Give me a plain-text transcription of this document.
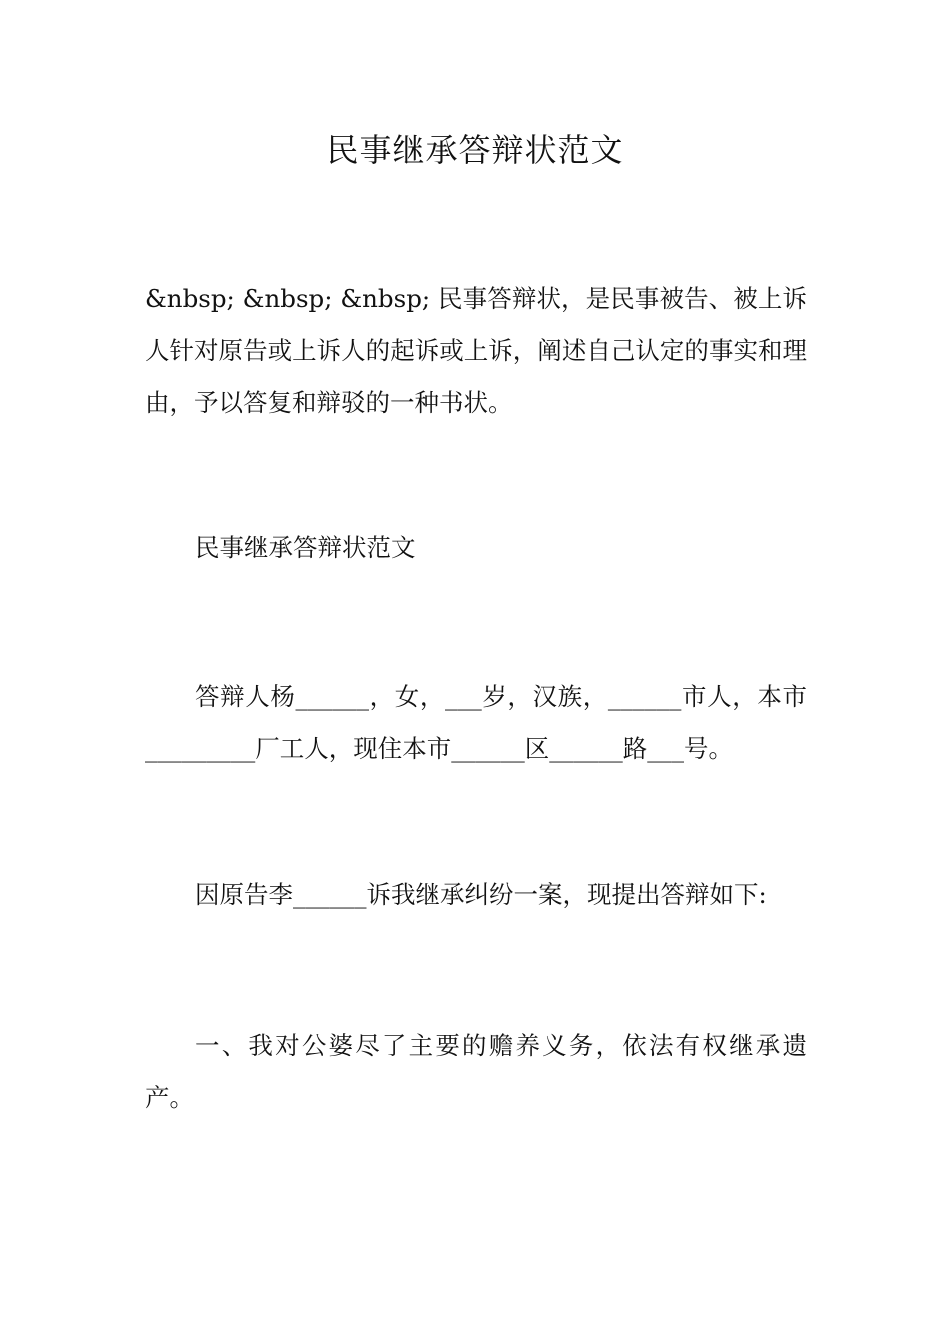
民事继承答辩状范文

&nbsp; &nbsp; &nbsp; 民事答辩状，是民事被告、被上诉人针对原告或上诉人的起诉或上诉，阐述自己认定的事实和理由，予以答复和辩驳的一种书状。

民事继承答辩状范文

答辩人杨______，女，___岁，汉族，______市人，本市_________厂工人，现住本市______区______路___号。

因原告李______诉我继承纠纷一案，现提出答辩如下:

一、我对公婆尽了主要的赡养义务，依法有权继承遗产。
